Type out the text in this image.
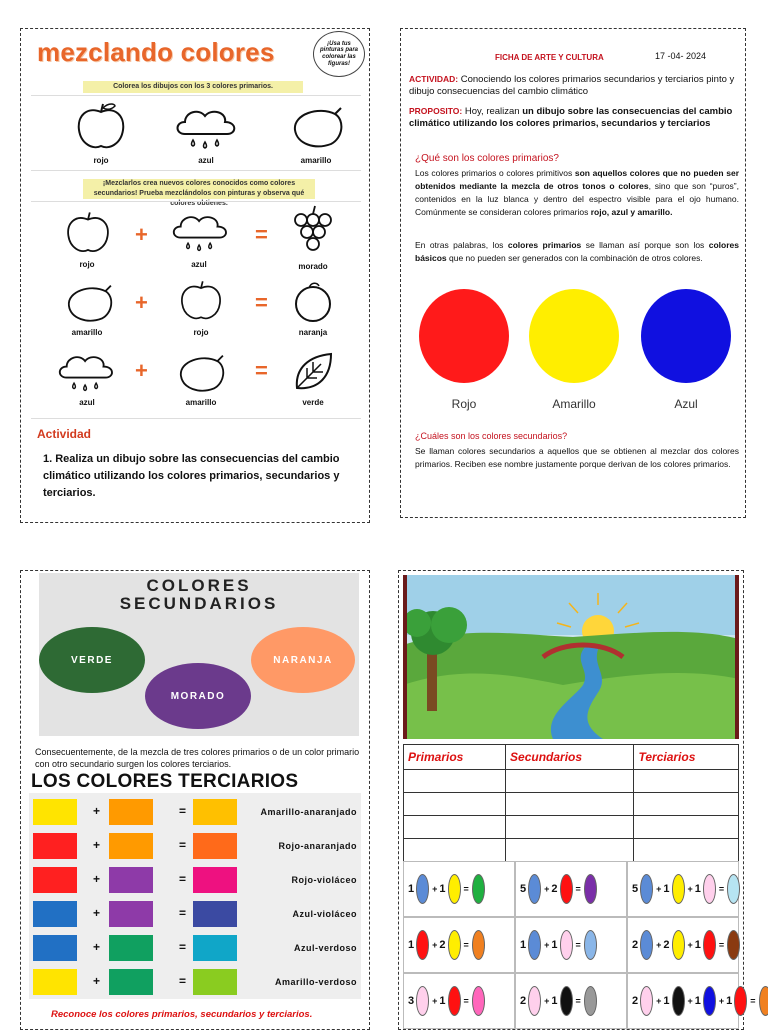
mezclando colores	¡Usa tus pinturas para colorear las figuras!
Colorea los dibujos con los 3 colores primarios.
rojo	azul	amarillo
¡Mezclarlos crea nuevos colores conocidos como colores secundarios! Prueba mezclándolos con pinturas y observa qué colores obtienes.
+	=
rojo	azul	morado
+	=
amarillo	rojo	naranja
+	=
azul	amarillo	verde
Actividad
1. Realiza un dibujo sobre las consecuencias del cambio climático utilizando los colores primarios, secundarios y terciarios.
FICHA DE ARTE Y CULTURA	17 -04- 2024
ACTIVIDAD: Conociendo los colores primarios secundarios y terciarios pinto y dibujo consecuencias del cambio climático
PROPOSITO: Hoy, realizan un dibujo sobre las consecuencias del cambio climático utilizando los colores primarios, secundarios y terciarios
¿Qué son los colores primarios?
Los colores primarios o colores primitivos son aquellos colores que no pueden ser obtenidos mediante la mezcla de otros tonos o colores, sino que son “puros”, contenidos en la luz blanca y dentro del espectro visible para el ojo humano. Comúnmente se consideran colores primarios rojo, azul y amarillo.
En otras palabras, los colores primarios se llaman así porque son los colores básicos que no pueden ser generados con la combinación de otros colores.
Rojo	Amarillo	Azul
¿Cuáles son los colores secundarios?
Se llaman colores secundarios a aquellos que se obtienen al mezclar dos colores primarios. Reciben ese nombre justamente porque derivan de los colores primarios.
COLORES
SECUNDARIOS
VERDE
MORADO
NARANJA
Consecuentemente, de la mezcla de tres colores primarios o de un color primario con otro secundario surgen los colores terciarios.
LOS COLORES TERCIARIOS
+	=	Amarillo-anaranjado
+	=	Rojo-anaranjado
+	=	Rojo-violáceo
+	=	Azul-violáceo
+	=	Azul-verdoso
+	=	Amarillo-verdoso
Reconoce los colores primarios, secundarios y terciarios.
Primarios	Secundarios	Terciarios

1 + 1 =	5 + 2 =	5 + 1 + 1 =
1 + 2 =	1 + 1 =	2 + 2 + 1 =
3 + 1 =	2 + 1 =	2 + 1 + 1 + 1 =
